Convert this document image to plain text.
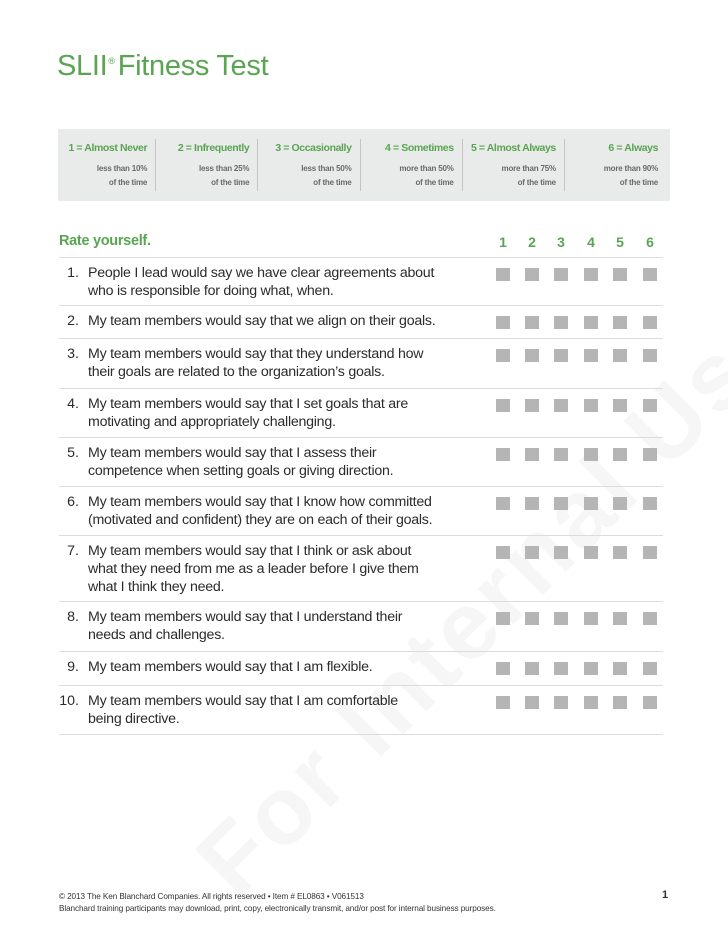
SLII® Fitness Test
1 = Almost Never
less than 10%
of the time
2 = Infrequently
less than 25%
of the time
3 = Occasionally
less than 50%
of the time
4 = Sometimes
more than 50%
of the time
5 = Almost Always
more than 75%
of the time
6 = Always
more than 90%
of the time
Rate yourself.	1 2 3 4 5 6
1. People I lead would say we have clear agreements about
who is responsible for doing what, when.
2. My team members would say that we align on their goals.
3. My team members would say that they understand how
their goals are related to the organization’s goals.
4. My team members would say that I set goals that are
motivating and appropriately challenging.
5. My team members would say that I assess their
competence when setting goals or giving direction.
6. My team members would say that I know how committed
(motivated and confident) they are on each of their goals.
7. My team members would say that I think or ask about
what they need from me as a leader before I give them
what I think they need.
8. My team members would say that I understand their
needs and challenges.
9. My team members would say that I am flexible.
10. My team members would say that I am comfortable
being directive.
© 2013 The Ken Blanchard Companies. All rights reserved • Item # EL0863 • V061513
Blanchard training participants may download, print, copy, electronically transmit, and/or post for internal business purposes.
1
